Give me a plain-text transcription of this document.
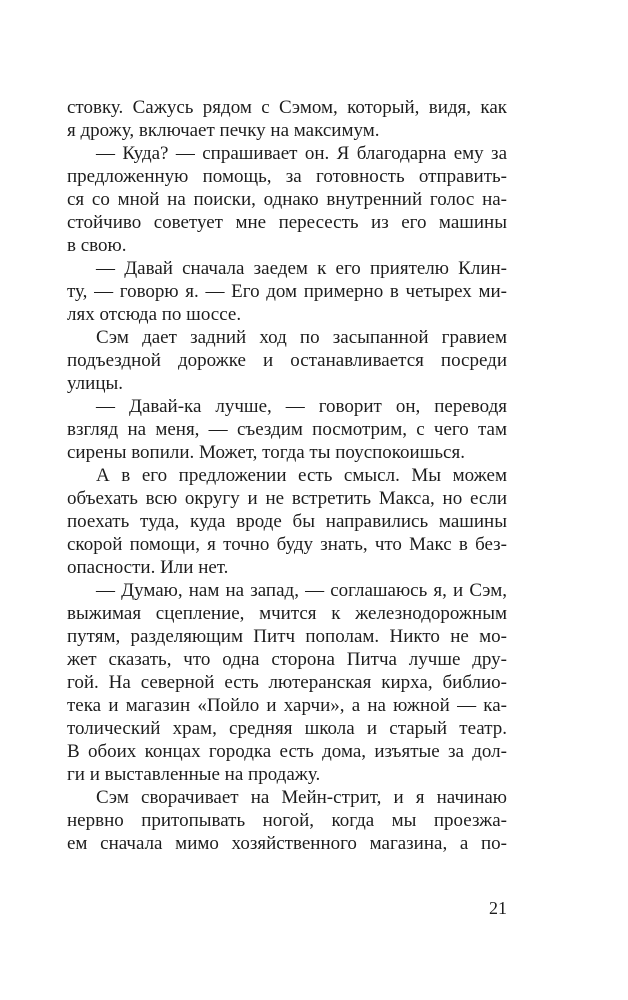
стовку. Сажусь рядом с Сэмом, который, видя, как
я дрожу, включает печку на максимум.
— Куда? — спрашивает он. Я благодарна ему за
предложенную помощь, за готовность отправить-
ся со мной на поиски, однако внутренний голос на-
стойчиво советует мне пересесть из его машины
в свою.
— Давай сначала заедем к его приятелю Клин-
ту, — говорю я. — Его дом примерно в четырех ми-
лях отсюда по шоссе.
Сэм дает задний ход по засыпанной гравием
подъездной дорожке и останавливается посреди
улицы.
— Давай-ка лучше, — говорит он, переводя
взгляд на меня, — съездим посмотрим, с чего там
сирены вопили. Может, тогда ты поуспокоишься.
А в его предложении есть смысл. Мы можем
объехать всю округу и не встретить Макса, но если
поехать туда, куда вроде бы направились машины
скорой помощи, я точно буду знать, что Макс в без-
опасности. Или нет.
— Думаю, нам на запад, — соглашаюсь я, и Сэм,
выжимая сцепление, мчится к железнодорожным
путям, разделяющим Питч пополам. Никто не мо-
жет сказать, что одна сторона Питча лучше дру-
гой. На северной есть лютеранская кирха, библио-
тека и магазин «Пойло и харчи», а на южной — ка-
толический храм, средняя школа и старый театр.
В обоих концах городка есть дома, изъятые за дол-
ги и выставленные на продажу.
Сэм сворачивает на Мейн-стрит, и я начинаю
нервно притопывать ногой, когда мы проезжа-
ем сначала мимо хозяйственного магазина, а по-
21
